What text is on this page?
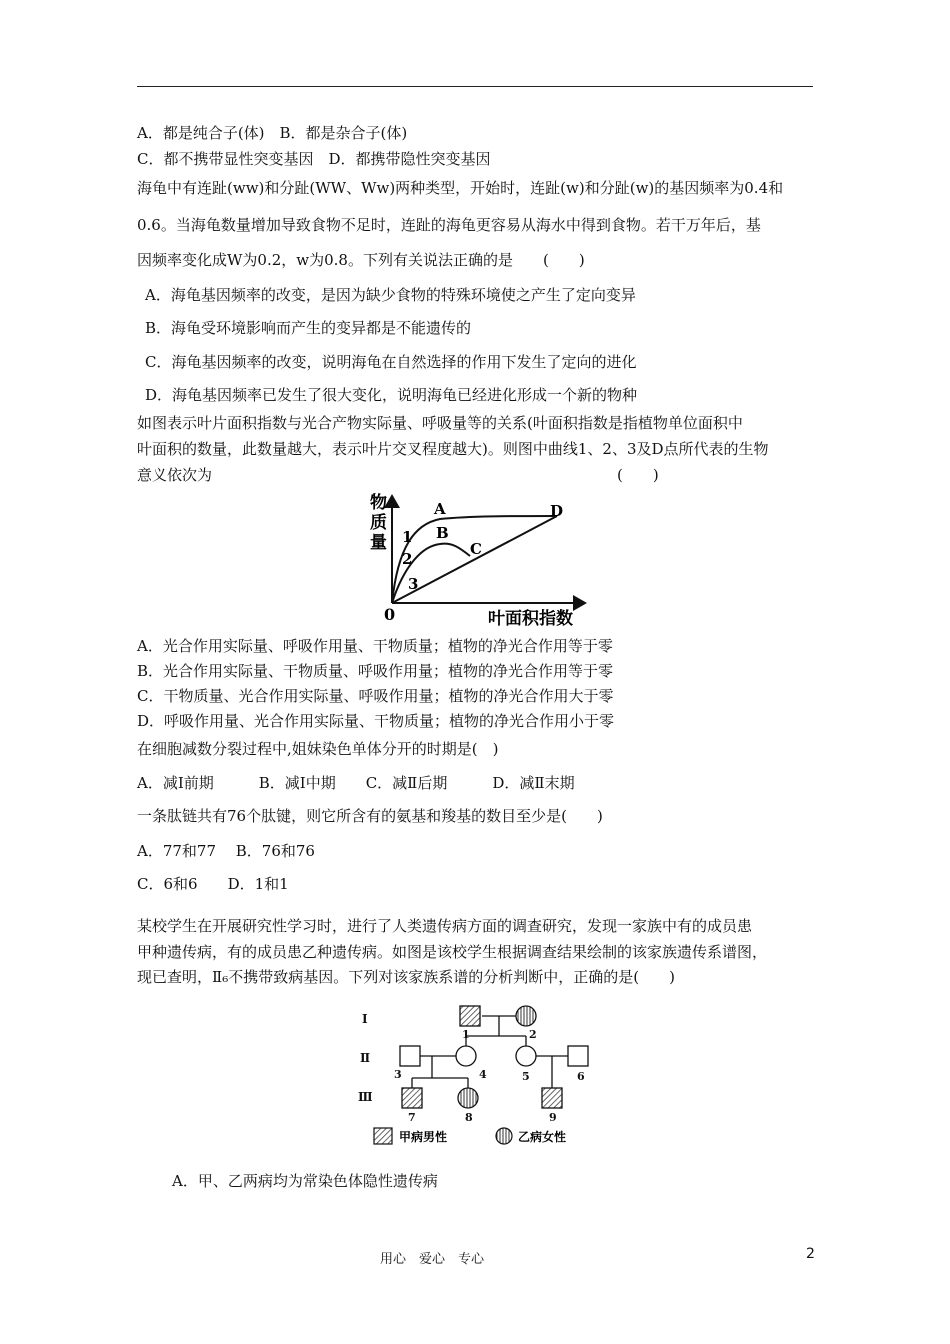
A．都是纯合子(体)　B．都是杂合子(体)
C．都不携带显性突变基因　D．都携带隐性突变基因
海龟中有连趾(ww)和分趾(WW、Ww)两种类型，开始时，连趾(w)和分趾(w)的基因频率为0.4和
0.6。当海龟数量增加导致食物不足时，连趾的海龟更容易从海水中得到食物。若干万年后，基
因频率变化成W为0.2，w为0.8。下列有关说法正确的是　　(　　)
A．海龟基因频率的改变，是因为缺少食物的特殊环境使之产生了定向变异
B．海龟受环境影响而产生的变异都是不能遗传的
C．海龟基因频率的改变，说明海龟在自然选择的作用下发生了定向的进化
D．海龟基因频率已发生了很大变化，说明海龟已经进化形成一个新的物种
如图表示叶片面积指数与光合产物实际量、呼吸量等的关系(叶面积指数是指植物单位面积中
叶面积的数量，此数量越大，表示叶片交叉程度越大)。则图中曲线1、2、3及D点所代表的生物
意义依次为　　　　　　　　　　　　　　　　　　　　　　　　　　　(　　)
物
质
量
0	叶面积指数
A
B
C
D
1
2
3
A．光合作用实际量、呼吸作用量、干物质量；植物的净光合作用等于零
B．光合作用实际量、干物质量、呼吸作用量；植物的净光合作用等于零
C．干物质量、光合作用实际量、呼吸作用量；植物的净光合作用大于零
D．呼吸作用量、光合作用实际量、干物质量；植物的净光合作用小于零
在细胞减数分裂过程中,姐妹染色单体分开的时期是(　)
A．减Ⅰ前期　　　B．减Ⅰ中期　　C．减Ⅱ后期　　　D．减Ⅱ末期
一条肽链共有76个肽键，则它所含有的氨基和羧基的数目至少是(　　)
A．77和77　 B．76和76
C．6和6　　D．1和1
某校学生在开展研究性学习时，进行了人类遗传病方面的调查研究，发现一家族中有的成员患
甲种遗传病，有的成员患乙种遗传病。如图是该校学生根据调查结果绘制的该家族遗传系谱图，
现已查明，Ⅱ₆不携带致病基因。下列对该家族系谱的分析判断中，正确的是(　　)
Ⅰ
Ⅱ
Ⅲ
1	2
3	4	5	6
7	8	9
甲病男性	乙病女性
A．甲、乙两病均为常染色体隐性遗传病
用心　爱心　专心	2
